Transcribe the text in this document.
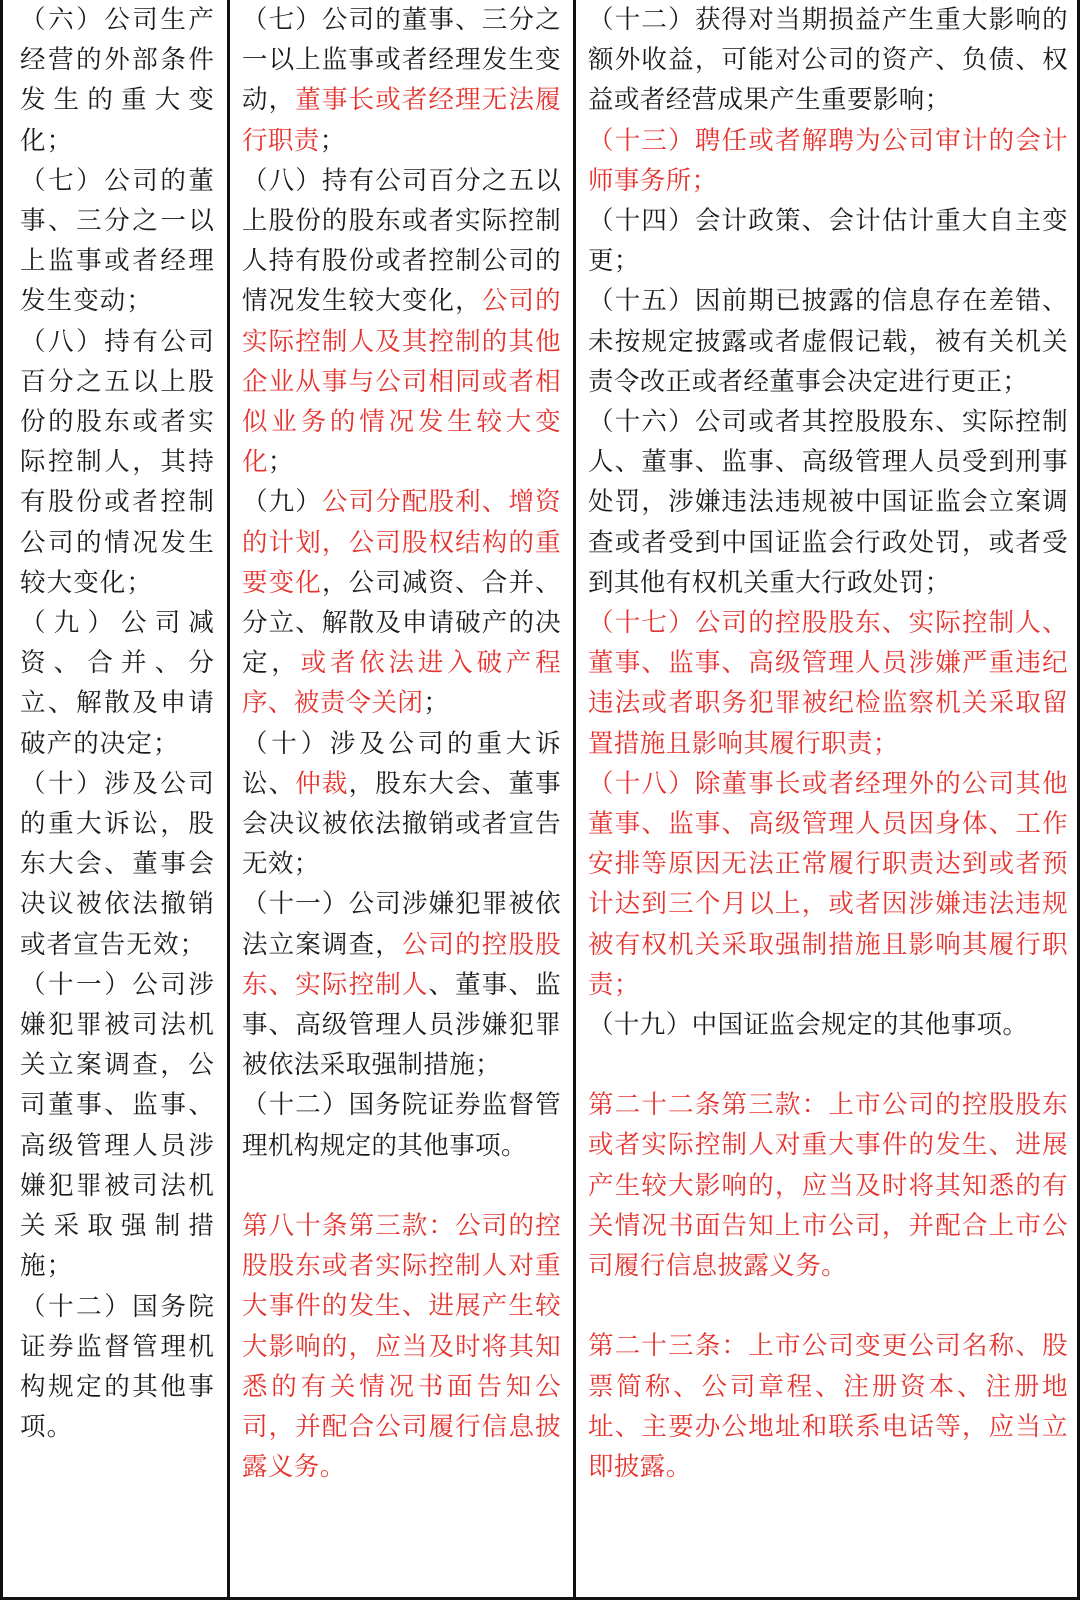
（六）公司生产经营的外部条件发生的重大变化；

（七）公司的董事、三分之一以上监事或者经理发生变动；

（八）持有公司百分之五以上股份的股东或者实际控制人，其持有股份或者控制公司的情况发生较大变化；

（九）公司减资、合并、分立、解散及申请破产的决定；

（十）涉及公司的重大诉讼，股东大会、董事会决议被依法撤销或者宣告无效；

（十一）公司涉嫌犯罪被司法机关立案调查，公司董事、监事、高级管理人员涉嫌犯罪被司法机关采取强制措施；

（十二）国务院证券监督管理机构规定的其他事项。

（七）公司的董事、三分之一以上监事或者经理发生变动，董事长或者经理无法履行职责；

（八）持有公司百分之五以上股份的股东或者实际控制人持有股份或者控制公司的情况发生较大变化，公司的实际控制人及其控制的其他企业从事与公司相同或者相似业务的情况发生较大变化；

（九）公司分配股利、增资的计划，公司股权结构的重要变化，公司减资、合并、分立、解散及申请破产的决定，或者依法进入破产程序、被责令关闭；

（十）涉及公司的重大诉讼、仲裁，股东大会、董事会决议被依法撤销或者宣告无效；

（十一）公司涉嫌犯罪被依法立案调查，公司的控股股东、实际控制人、董事、监事、高级管理人员涉嫌犯罪被依法采取强制措施；

（十二）国务院证券监督管理机构规定的其他事项。

第八十条第三款：公司的控股股东或者实际控制人对重大事件的发生、进展产生较大影响的，应当及时将其知悉的有关情况书面告知公司，并配合公司履行信息披露义务。

（十二）获得对当期损益产生重大影响的额外收益，可能对公司的资产、负债、权益或者经营成果产生重要影响；

（十三）聘任或者解聘为公司审计的会计师事务所；

（十四）会计政策、会计估计重大自主变更；

（十五）因前期已披露的信息存在差错、未按规定披露或者虚假记载，被有关机关责令改正或者经董事会决定进行更正；

（十六）公司或者其控股股东、实际控制人、董事、监事、高级管理人员受到刑事处罚，涉嫌违法违规被中国证监会立案调查或者受到中国证监会行政处罚，或者受到其他有权机关重大行政处罚；

（十七）公司的控股股东、实际控制人、董事、监事、高级管理人员涉嫌严重违纪违法或者职务犯罪被纪检监察机关采取留置措施且影响其履行职责；

（十八）除董事长或者经理外的公司其他董事、监事、高级管理人员因身体、工作安排等原因无法正常履行职责达到或者预计达到三个月以上，或者因涉嫌违法违规被有权机关采取强制措施且影响其履行职责；

（十九）中国证监会规定的其他事项。

第二十二条第三款：上市公司的控股股东或者实际控制人对重大事件的发生、进展产生较大影响的，应当及时将其知悉的有关情况书面告知上市公司，并配合上市公司履行信息披露义务。

第二十三条：上市公司变更公司名称、股票简称、公司章程、注册资本、注册地址、主要办公地址和联系电话等，应当立即披露。
